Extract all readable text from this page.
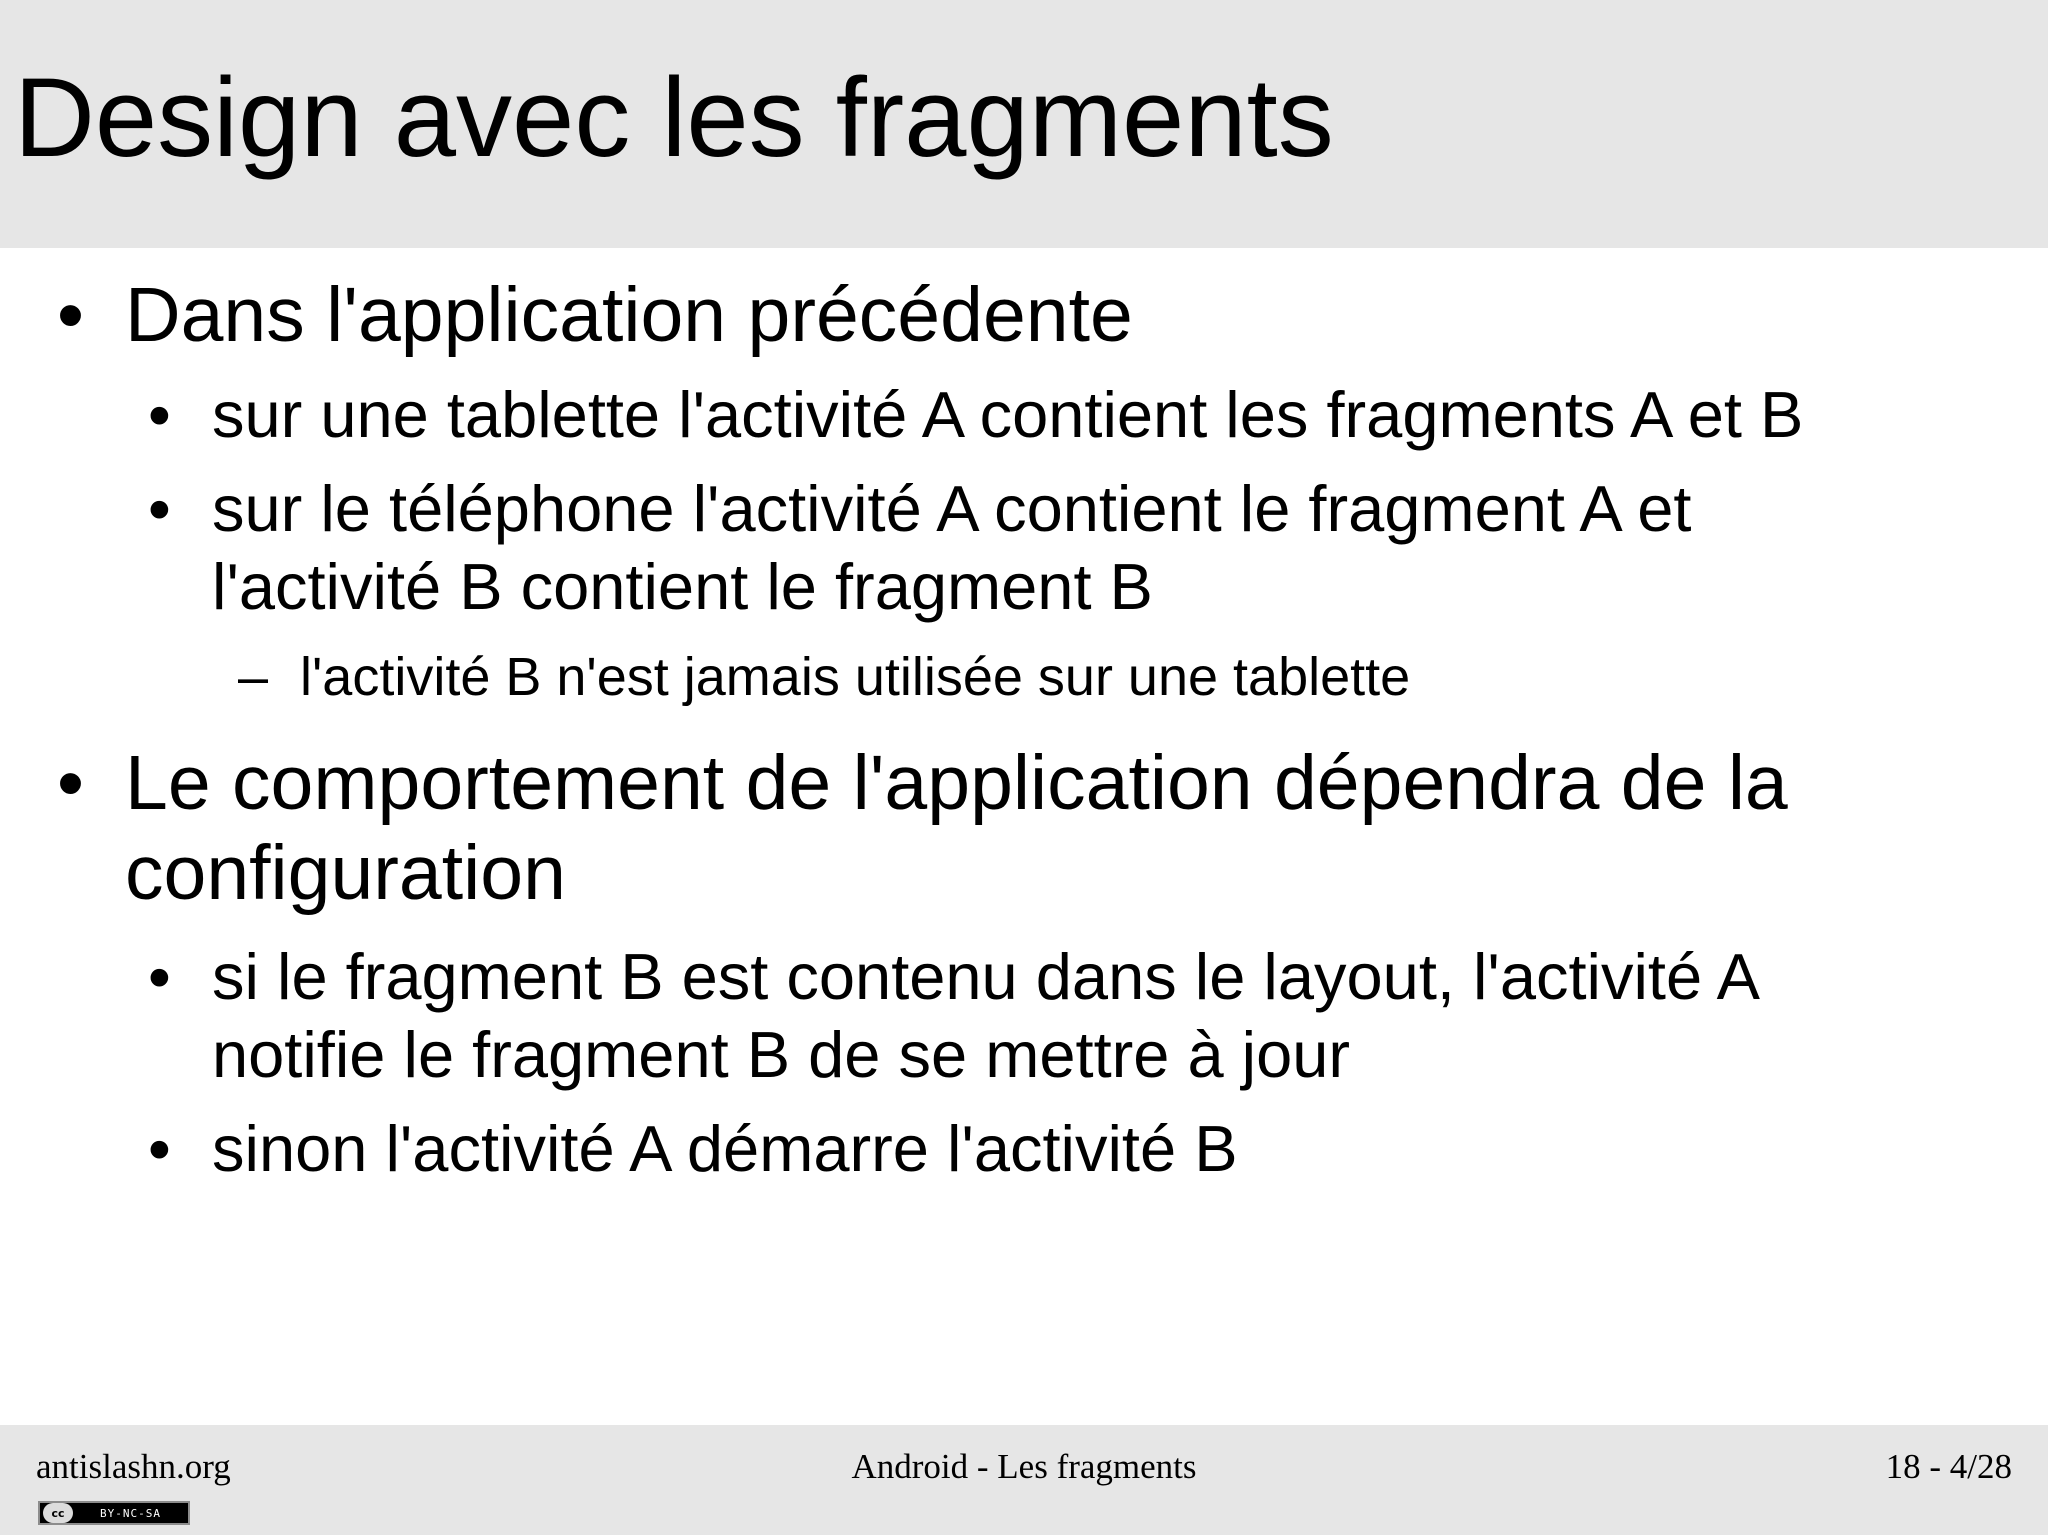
Design avec les fragments
• Dans l'application précédente
• sur une tablette l'activité A contient les fragments A et B
• sur le téléphone l'activité A contient le fragment A et
l'activité B contient le fragment B
– l'activité B n'est jamais utilisée sur une tablette
• Le comportement de l'application dépendra de la
configuration
• si le fragment B est contenu dans le layout, l'activité A
notifie le fragment B de se mettre à jour
• sinon l'activité A démarre l'activité B
antislashn.org	Android - Les fragments	18 - 4/28
cc	BY-NC-SA
